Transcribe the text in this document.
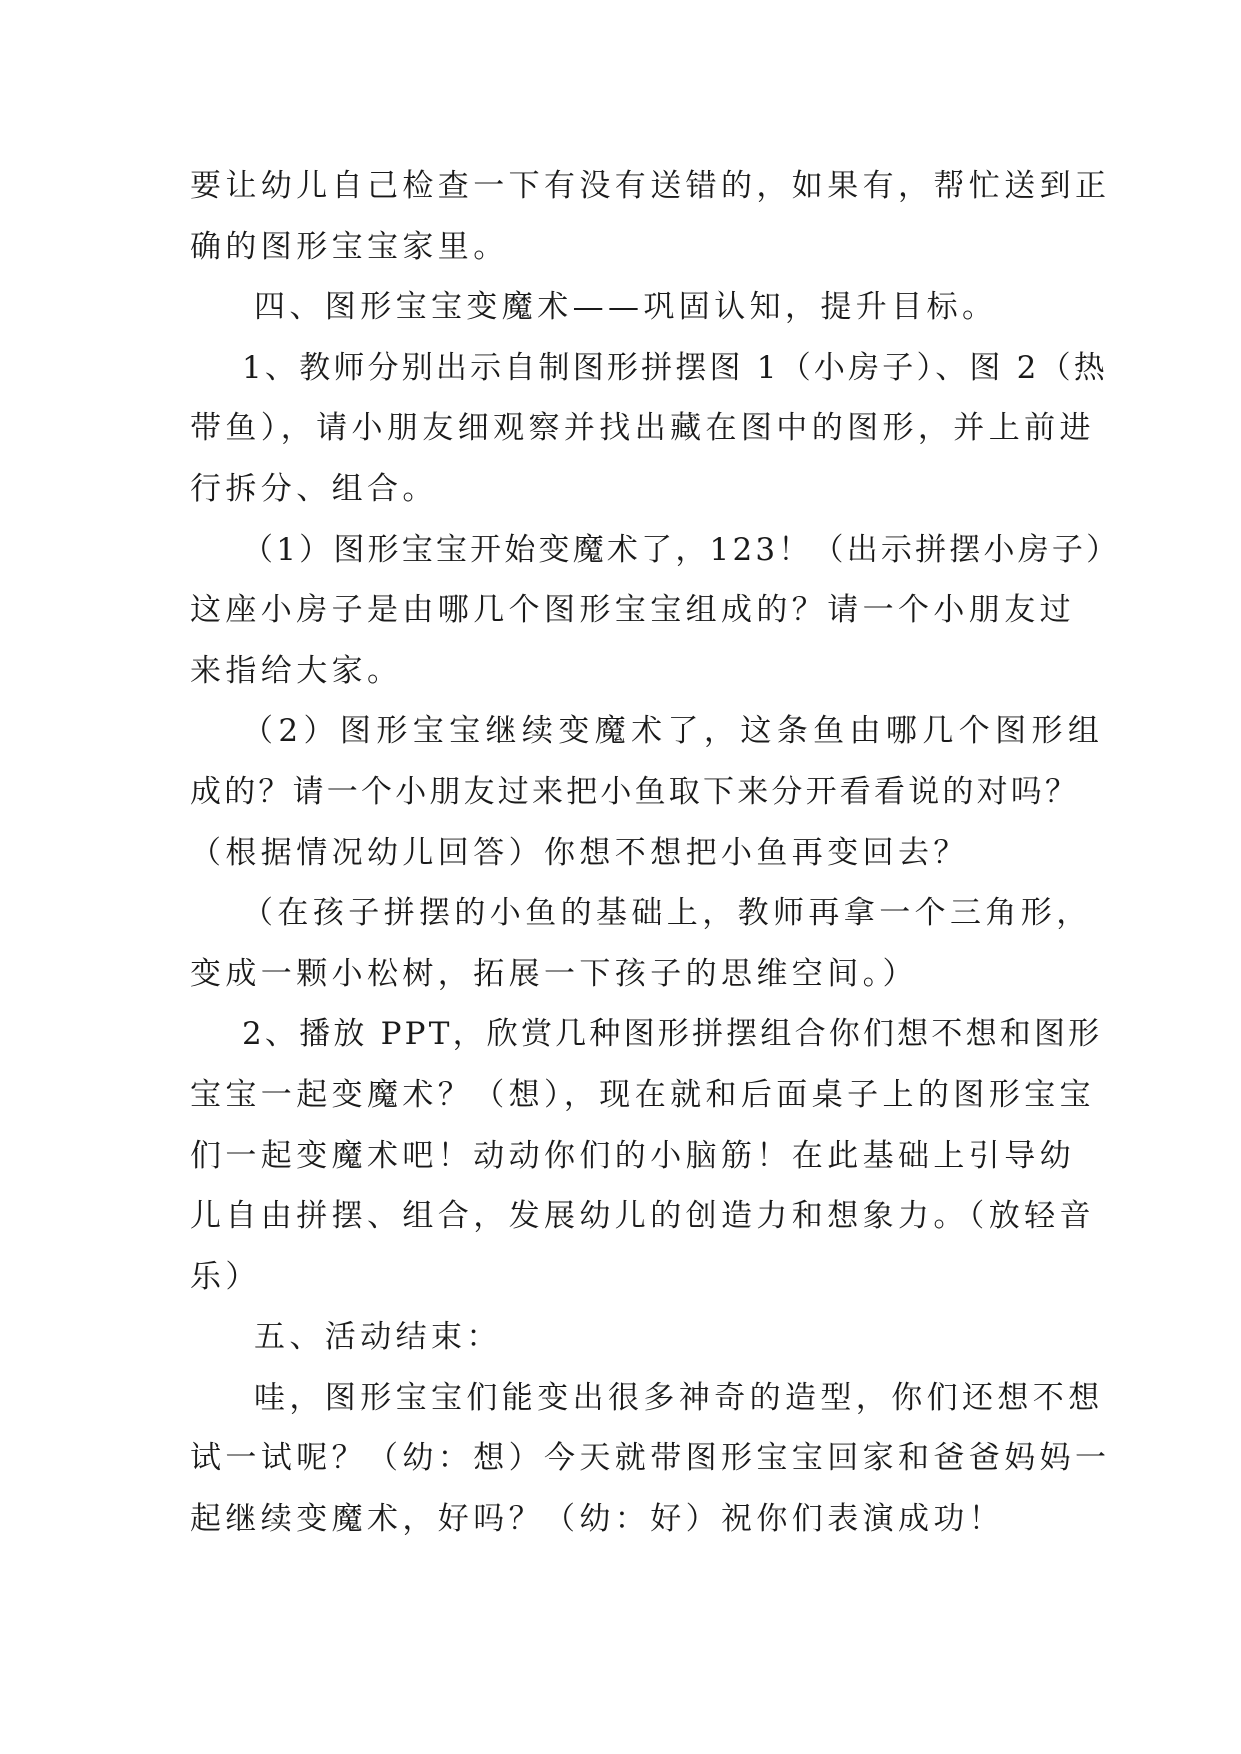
要让幼儿自己检查一下有没有送错的，如果有，帮忙送到正
确的图形宝宝家里。
四、图形宝宝变魔术——巩固认知，提升目标。
1、教师分别出示自制图形拼摆图 1（小房子）、图 2（热
带鱼），请小朋友细观察并找出藏在图中的图形，并上前进
行拆分、组合。
（1）图形宝宝开始变魔术了，123！（出示拼摆小房子）
这座小房子是由哪几个图形宝宝组成的？请一个小朋友过
来指给大家。
（2）图形宝宝继续变魔术了，这条鱼由哪几个图形组
成的？请一个小朋友过来把小鱼取下来分开看看说的对吗？
（根据情况幼儿回答）你想不想把小鱼再变回去？
（在孩子拼摆的小鱼的基础上，教师再拿一个三角形，
变成一颗小松树，拓展一下孩子的思维空间。）
2、播放 PPT，欣赏几种图形拼摆组合你们想不想和图形
宝宝一起变魔术？（想），现在就和后面桌子上的图形宝宝
们一起变魔术吧！动动你们的小脑筋！在此基础上引导幼
儿自由拼摆、组合，发展幼儿的创造力和想象力。（放轻音
乐）
五、活动结束：
哇，图形宝宝们能变出很多神奇的造型，你们还想不想
试一试呢？（幼：想）今天就带图形宝宝回家和爸爸妈妈一
起继续变魔术，好吗？（幼：好）祝你们表演成功！
